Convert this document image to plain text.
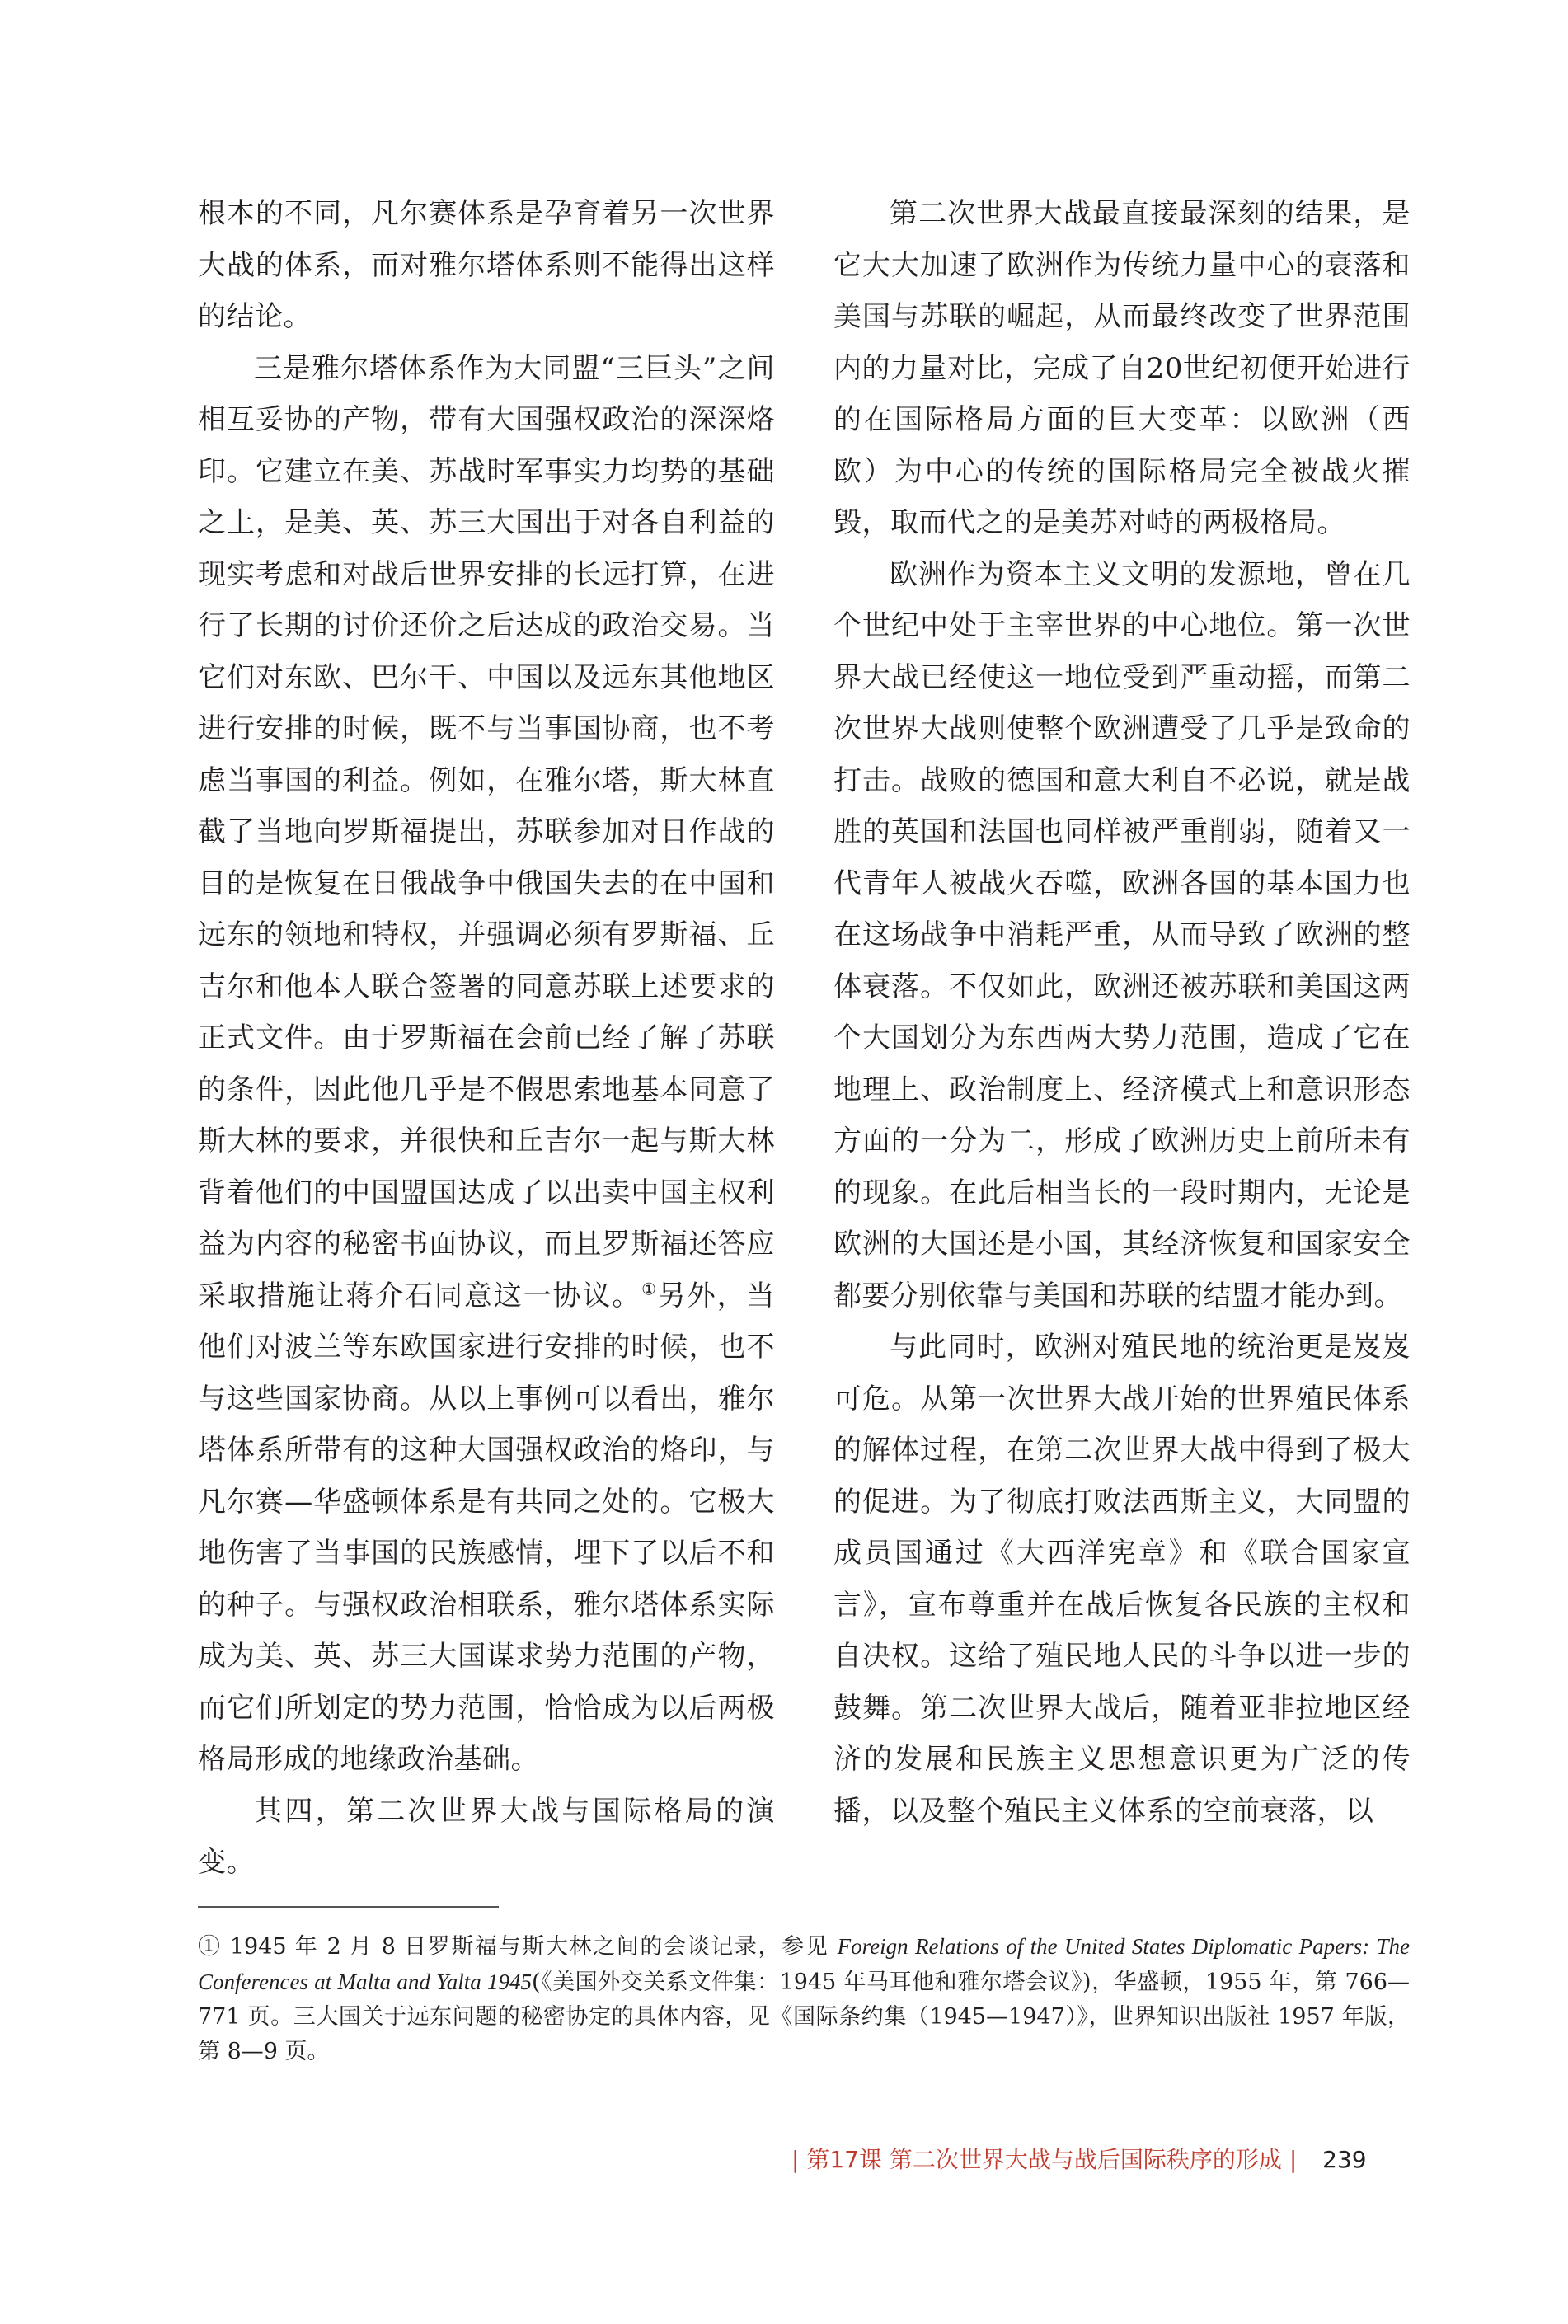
根本的不同，凡尔赛体系是孕育着另一次世界大战的体系，而对雅尔塔体系则不能得出这样的结论。

三是雅尔塔体系作为大同盟“三巨头”之间相互妥协的产物，带有大国强权政治的深深烙印。它建立在美、苏战时军事实力均势的基础之上，是美、英、苏三大国出于对各自利益的现实考虑和对战后世界安排的长远打算，在进行了长期的讨价还价之后达成的政治交易。当它们对东欧、巴尔干、中国以及远东其他地区进行安排的时候，既不与当事国协商，也不考虑当事国的利益。例如，在雅尔塔，斯大林直截了当地向罗斯福提出，苏联参加对日作战的目的是恢复在日俄战争中俄国失去的在中国和远东的领地和特权，并强调必须有罗斯福、丘吉尔和他本人联合签署的同意苏联上述要求的正式文件。由于罗斯福在会前已经了解了苏联的条件，因此他几乎是不假思索地基本同意了斯大林的要求，并很快和丘吉尔一起与斯大林背着他们的中国盟国达成了以出卖中国主权利益为内容的秘密书面协议，而且罗斯福还答应采取措施让蒋介石同意这一协议。①另外，当他们对波兰等东欧国家进行安排的时候，也不与这些国家协商。从以上事例可以看出，雅尔塔体系所带有的这种大国强权政治的烙印，与凡尔赛—华盛顿体系是有共同之处的。它极大地伤害了当事国的民族感情，埋下了以后不和的种子。与强权政治相联系，雅尔塔体系实际成为美、英、苏三大国谋求势力范围的产物，而它们所划定的势力范围，恰恰成为以后两极格局形成的地缘政治基础。

其四，第二次世界大战与国际格局的演变。

第二次世界大战最直接最深刻的结果，是它大大加速了欧洲作为传统力量中心的衰落和美国与苏联的崛起，从而最终改变了世界范围内的力量对比，完成了自20世纪初便开始进行的在国际格局方面的巨大变革：以欧洲（西欧）为中心的传统的国际格局完全被战火摧毁，取而代之的是美苏对峙的两极格局。

欧洲作为资本主义文明的发源地，曾在几个世纪中处于主宰世界的中心地位。第一次世界大战已经使这一地位受到严重动摇，而第二次世界大战则使整个欧洲遭受了几乎是致命的打击。战败的德国和意大利自不必说，就是战胜的英国和法国也同样被严重削弱，随着又一代青年人被战火吞噬，欧洲各国的基本国力也在这场战争中消耗严重，从而导致了欧洲的整体衰落。不仅如此，欧洲还被苏联和美国这两个大国划分为东西两大势力范围，造成了它在地理上、政治制度上、经济模式上和意识形态方面的一分为二，形成了欧洲历史上前所未有的现象。在此后相当长的一段时期内，无论是欧洲的大国还是小国，其经济恢复和国家安全都要分别依靠与美国和苏联的结盟才能办到。

与此同时，欧洲对殖民地的统治更是岌岌可危。从第一次世界大战开始的世界殖民体系的解体过程，在第二次世界大战中得到了极大的促进。为了彻底打败法西斯主义，大同盟的成员国通过《大西洋宪章》和《联合国家宣言》，宣布尊重并在战后恢复各民族的主权和自决权。这给了殖民地人民的斗争以进一步的鼓舞。第二次世界大战后，随着亚非拉地区经济的发展和民族主义思想意识更为广泛的传播，以及整个殖民主义体系的空前衰落，以

① 1945 年 2 月 8 日罗斯福与斯大林之间的会谈记录，参见 Foreign Relations of the United States Diplomatic Papers: The Conferences at Malta and Yalta 1945(《美国外交关系文件集：1945 年马耳他和雅尔塔会议》)，华盛顿，1955 年，第 766—771 页。三大国关于远东问题的秘密协定的具体内容，见《国际条约集（1945—1947）》，世界知识出版社 1957 年版，第 8—9 页。
| 第17课 第二次世界大战与战后国际秩序的形成 | 239
